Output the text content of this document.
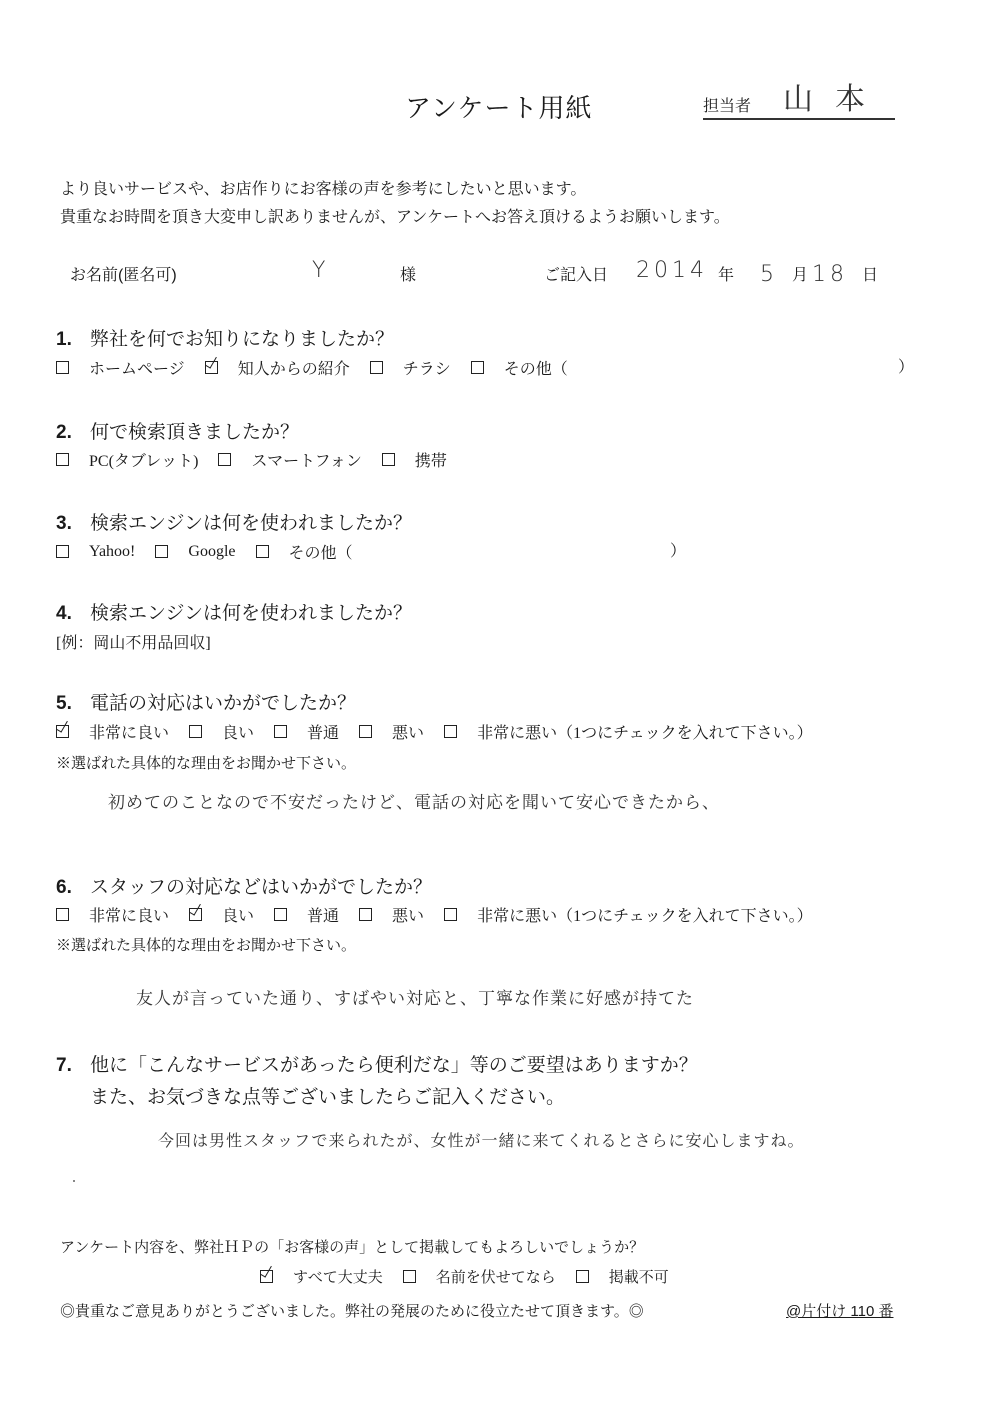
アンケート用紙	担当者 山本
より良いサービスや、お店作りにお客様の声を参考にしたいと思います。
貴重なお時間を頂き大変申し訳ありませんが、アンケートへお答え頂けるようお願いします。
お名前(匿名可)	Y	様	ご記入日 2014 年 5 月 18 日
1. 弊社を何でお知りになりましたか？
ホームページ	知人からの紹介	チラシ	その他（	）
2. 何で検索頂きましたか？
PC(タブレット)	スマートフォン	携帯
3. 検索エンジンは何を使われましたか？
Yahoo!	Google	その他（	）
4. 検索エンジンは何を使われましたか？
[例：岡山不用品回収]
5. 電話の対応はいかがでしたか？
非常に良い	良い	普通	悪い	非常に悪い （1つにチェックを入れて下さい。）
※選ばれた具体的な理由をお聞かせ下さい。
初めてのことなので不安だったけど、電話の対応を聞いて安心できたから、
6. スタッフの対応などはいかがでしたか？
非常に良い	良い	普通	悪い	非常に悪い （1つにチェックを入れて下さい。）
※選ばれた具体的な理由をお聞かせ下さい。
友人が言っていた通り、すばやい対応と、丁寧な作業に好感が持てた
7. 他に「こんなサービスがあったら便利だな」等のご要望はありますか？
また、お気づきな点等ございましたらご記入ください。
今回は男性スタッフで来られたが、女性が一緒に来てくれるとさらに安心しますね。
アンケート内容を、弊社ＨＰの「お客様の声」として掲載してもよろしいでしょうか？
すべて大丈夫	名前を伏せてなら	掲載不可
◎貴重なご意見ありがとうございました。弊社の発展のために役立たせて頂きます。◎	@片付け 110 番
